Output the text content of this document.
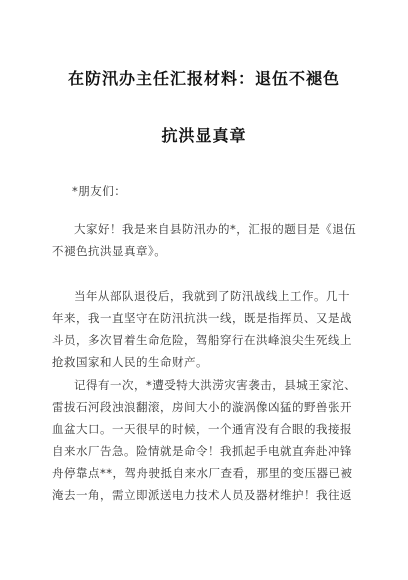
在防汛办主任汇报材料：退伍不褪色
抗洪显真章
*朋友们：
大家好！我是来自县防汛办的*，汇报的题目是《退伍
不褪色抗洪显真章》。
当年从部队退役后，我就到了防汛战线上工作。几十
年来，我一直坚守在防汛抗洪一线，既是指挥员、又是战
斗员，多次冒着生命危险，驾船穿行在洪峰浪尖生死线上
抢救国家和人民的生命财产。
记得有一次，*遭受特大洪涝灾害袭击，县城王家沱、
雷拔石河段浊浪翻滚，房间大小的漩涡像凶猛的野兽张开
血盆大口。一天很早的时候，一个通宵没有合眼的我接报
自来水厂告急。险情就是命令！我抓起手电就直奔赴冲锋
舟停靠点**，驾舟驶抵自来水厂查看，那里的变压器已被
淹去一角，需立即派送电力技术人员及器材维护！我往返
